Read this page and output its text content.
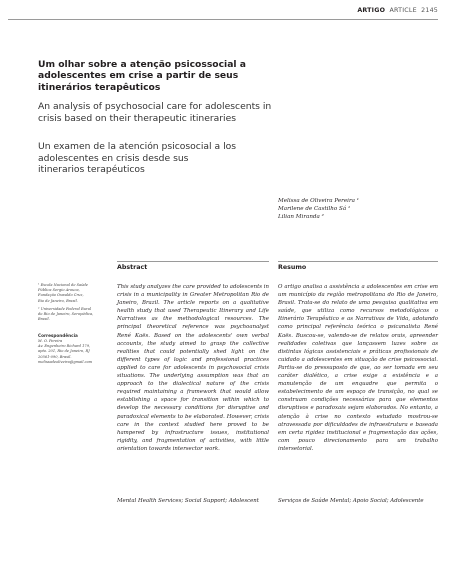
ARTIGO ARTICLE 2145
Um olhar sobre a atenção psicossocial a
adolescentes em crise a partir de seus
itinerários terapêuticos
An analysis of psychosocial care for adolescents in
crisis based on their therapeutic itineraries
Un examen de la atención psicosocial a los
adolescentes en crisis desde sus
itinerarios terapéuticos
Melissa de Oliveira Pereira ¹
Marilene de Castilho Sá ¹
Lilian Miranda ²
Abstract	Resumo
This study analyzes the care provided to adolescents in crisis in a municipality in Greater Metropolitan Rio de Janeiro, Brazil. The article reports on a qualitative health study that used Therapeutic Itinerary and Life Narratives as the methodological resources. The principal theoretical reference was psychoanalyst René Kaës. Based on the adolescents' own verbal accounts, the study aimed to grasp the collective realities that could potentially shed light on the different types of logic and professional practices applied to care for adolescents in psychosocial crisis situations. The underlying assumption was that an approach to the dialectical nature of the crisis required maintaining a framework that would allow establishing a space for transition within which to develop the necessary conditions for disruptive and paradoxical elements to be elaborated. However, crisis care in the context studied here proved to be hampered by infrastructure issues, institutional rigidity, and fragmentation of activities, with little orientation towards intersector work.
O artigo analisa a assistência a adolescentes em crise em um município da região metropolitana do Rio de Janeiro, Brasil. Trata-se do relato de uma pesquisa qualitativa em saúde, que utiliza como recursos metodológicos o Itinerário Terapêutico e as Narrativas de Vida, adotando como principal referência teórica o psicanalista René Kaës. Buscou-se, valendo-se de relatos orais, apreender realidades coletivas que lançassem luzes sobre as distintas lógicas assistenciais e práticas profissionais de cuidado a adolescentes em situação de crise psicossocial. Partiu-se do pressuposto de que, ao ser tomada em seu caráter dialético, a crise exige a existência e a manutenção de um enquadre que permita o estabelecimento de um espaço de transição, no qual se construam condições necessárias para que elementos disruptivos e paradoxais sejam elaborados. No entanto, a atenção à crise no contexto estudado mostrou-se atravessada por dificuldades de infraestrutura e baseada em certa rigidez institucional e fragmentação das ações, com pouco direcionamento para um trabalho intersetorial.
Mental Health Services; Social Support; Adolescent	Serviços de Saúde Mental; Apoio Social; Adolescente

¹ Escola Nacional de Saúde

Pública Sergio Arouca,

Fundação Oswaldo Cruz,

Rio de Janeiro, Brasil.

² Universidade Federal Rural

do Rio de Janeiro, Seropédica,

Brasil.

Correspondência
M. O. Pereira
Av. Engenheiro Richard 179,
apto. 201, Rio de Janeiro, RJ
20561-090, Brasil.
melissadeoliveira@gmail.com
